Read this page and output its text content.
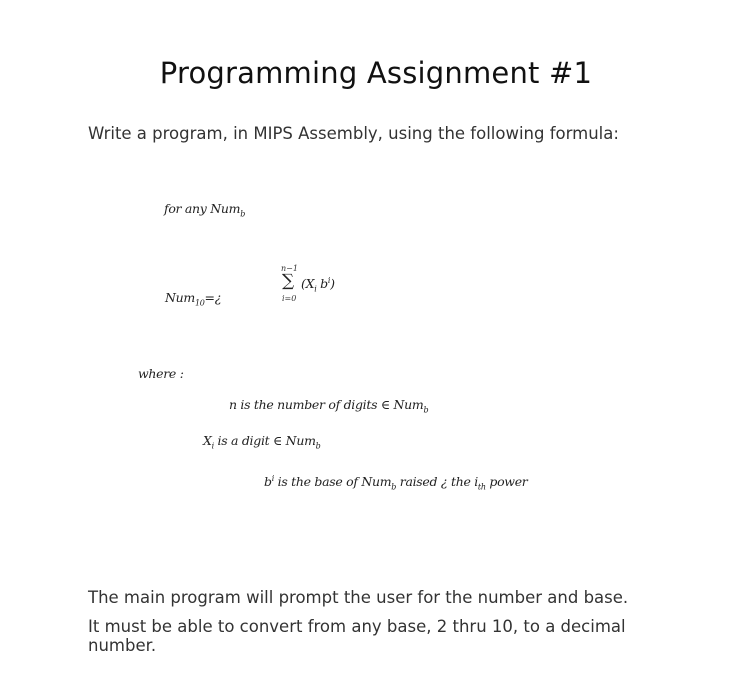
Programming Assignment #1

Write a program, in MIPS Assembly, using the following formula:

for any Num$_b$
Num$_{10}$=¿
n−1
∑
i=0
($X_i$ $b^i$)
where :
n is the number of digits ∈ Num$_b$
$X_i$ is a digit ∈ Num$_b$
$b^i$ is the base of Num$_b$ raised ¿ the $i_{th}$ power

The main program will prompt the user for the number and base.

It must be able to convert from any base, 2 thru 10, to a decimal number.
